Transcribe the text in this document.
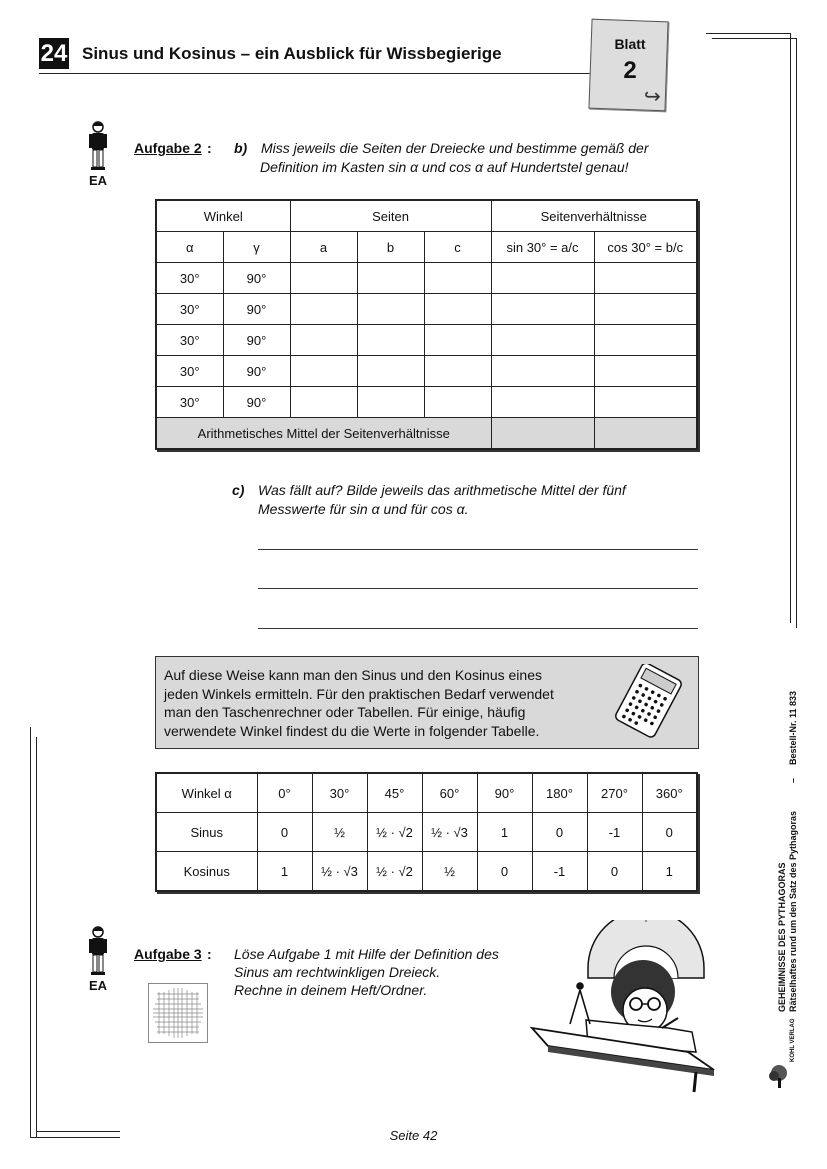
24 Sinus und Kosinus – ein Ausblick für Wissbegierige	Blatt
2
↪
EA
Aufgabe 2 : b) Miss jeweils die Seiten der Dreiecke und bestimme gemäß der
Definition im Kasten sin α und cos α auf Hundertstel genau!
Winkel		Seiten			Seitenverhältnisse	
α	γ	a	b	c	sin 30° = a/c	cos 30° = b/c
30°	90°					
30°	90°					
30°	90°					
30°	90°					
30°	90°					
Arithmetisches Mittel der Seitenverhältnisse						
c) Was fällt auf? Bilde jeweils das arithmetische Mittel der fünf
Messwerte für sin α und für cos α.
Auf diese Weise kann man den Sinus und den Kosinus eines
jeden Winkels ermitteln. Für den praktischen Bedarf verwendet
man den Taschenrechner oder Tabellen. Für einige, häufig
verwendete Winkel findest du die Werte in folgender Tabelle.
Winkel α	0°	30°	45°	60°	90°	180°	270°	360°
Sinus	0	½	½ · √2	½ · √3	1	0	-1	0
Kosinus	1	½ · √3	½ · √2	½	0	-1	0	1
EA
Aufgabe 3 : Löse Aufgabe 1 mit Hilfe der Definition des
Sinus am rechtwinkligen Dreieck.
Rechne in deinem Heft/Ordner.
Bestell-Nr. 11 833
–
Rätselhaftes rund um den Satz des Pythagoras
GEHEIMNISSE DES PYTHAGORAS
KOHL VERLAG
Seite 42
